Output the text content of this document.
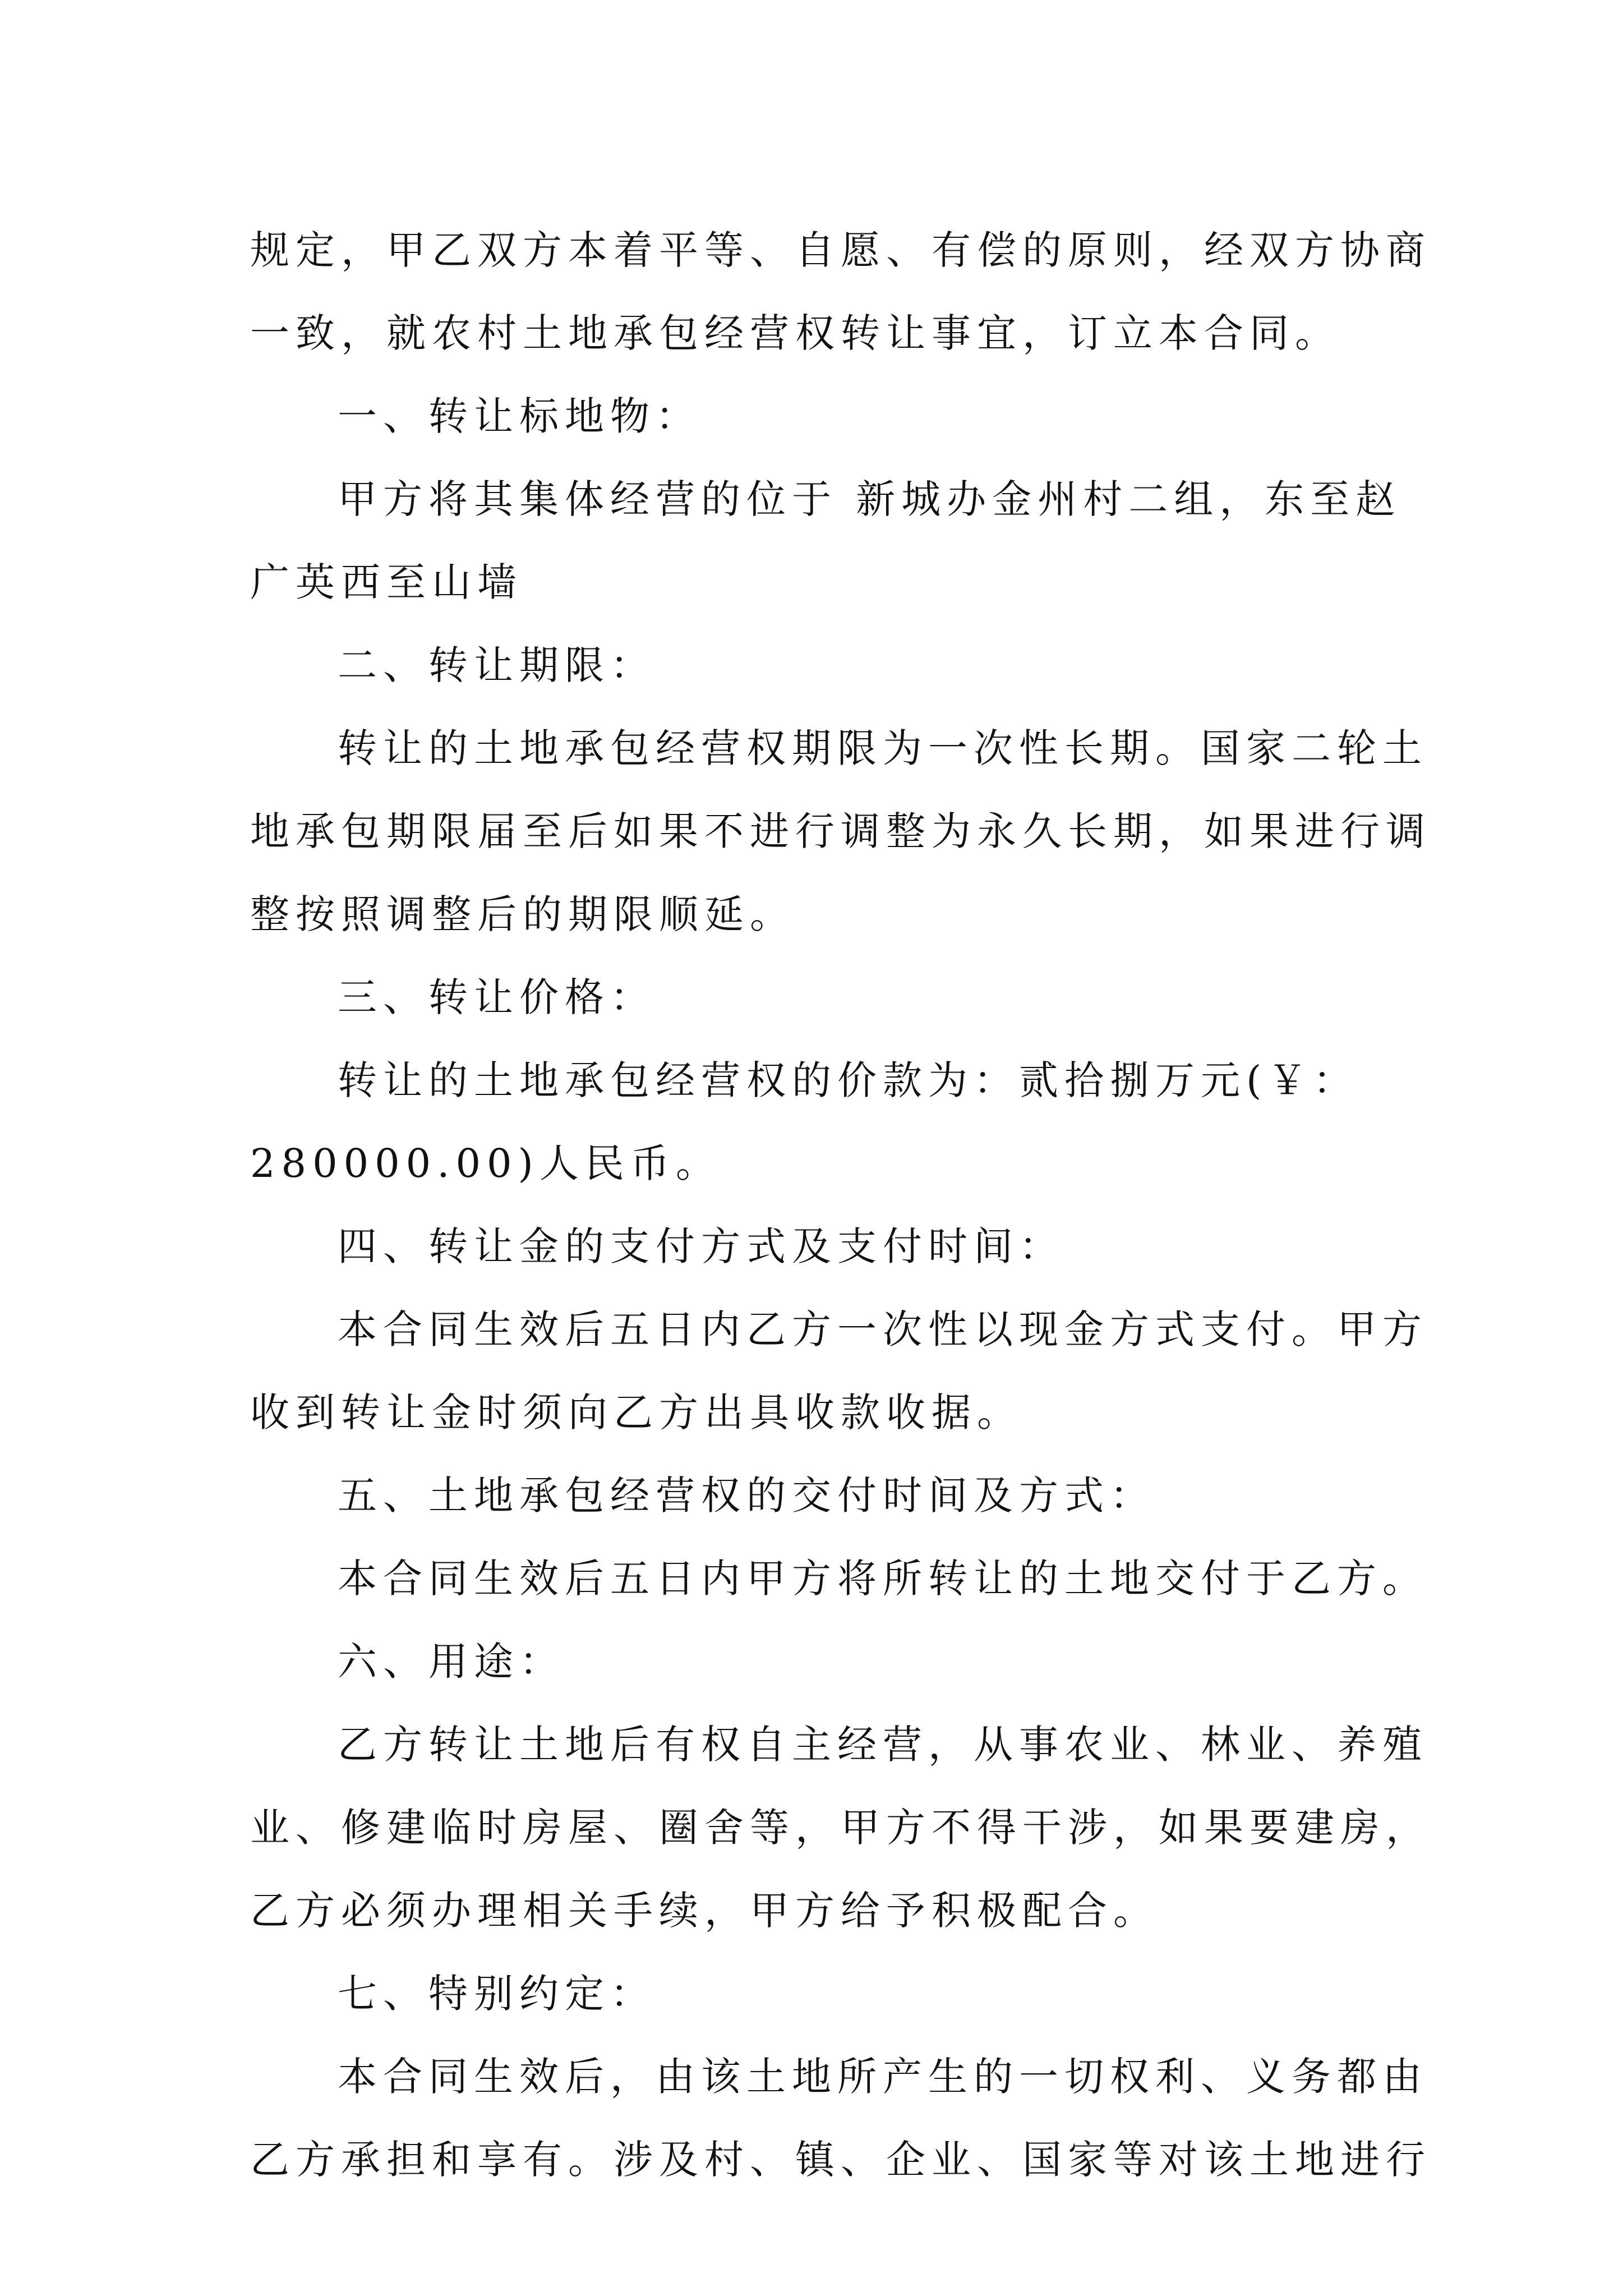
规定，甲乙双方本着平等、自愿、有偿的原则，经双方协商
一致，就农村土地承包经营权转让事宜，订立本合同。
一、转让标地物：
甲方将其集体经营的位于 新城办金州村二组，东至赵
广英西至山墙
二、转让期限：
转让的土地承包经营权期限为一次性长期。国家二轮土
地承包期限届至后如果不进行调整为永久长期，如果进行调
整按照调整后的期限顺延。
三、转让价格：
转让的土地承包经营权的价款为：贰拾捌万元(￥：
280000.00)人民币。
四、转让金的支付方式及支付时间：
本合同生效后五日内乙方一次性以现金方式支付。甲方
收到转让金时须向乙方出具收款收据。
五、土地承包经营权的交付时间及方式：
本合同生效后五日内甲方将所转让的土地交付于乙方。
六、用途：
乙方转让土地后有权自主经营，从事农业、林业、养殖
业、修建临时房屋、圈舍等，甲方不得干涉，如果要建房，
乙方必须办理相关手续，甲方给予积极配合。
七、特别约定：
本合同生效后，由该土地所产生的一切权利、义务都由
乙方承担和享有。涉及村、镇、企业、国家等对该土地进行
